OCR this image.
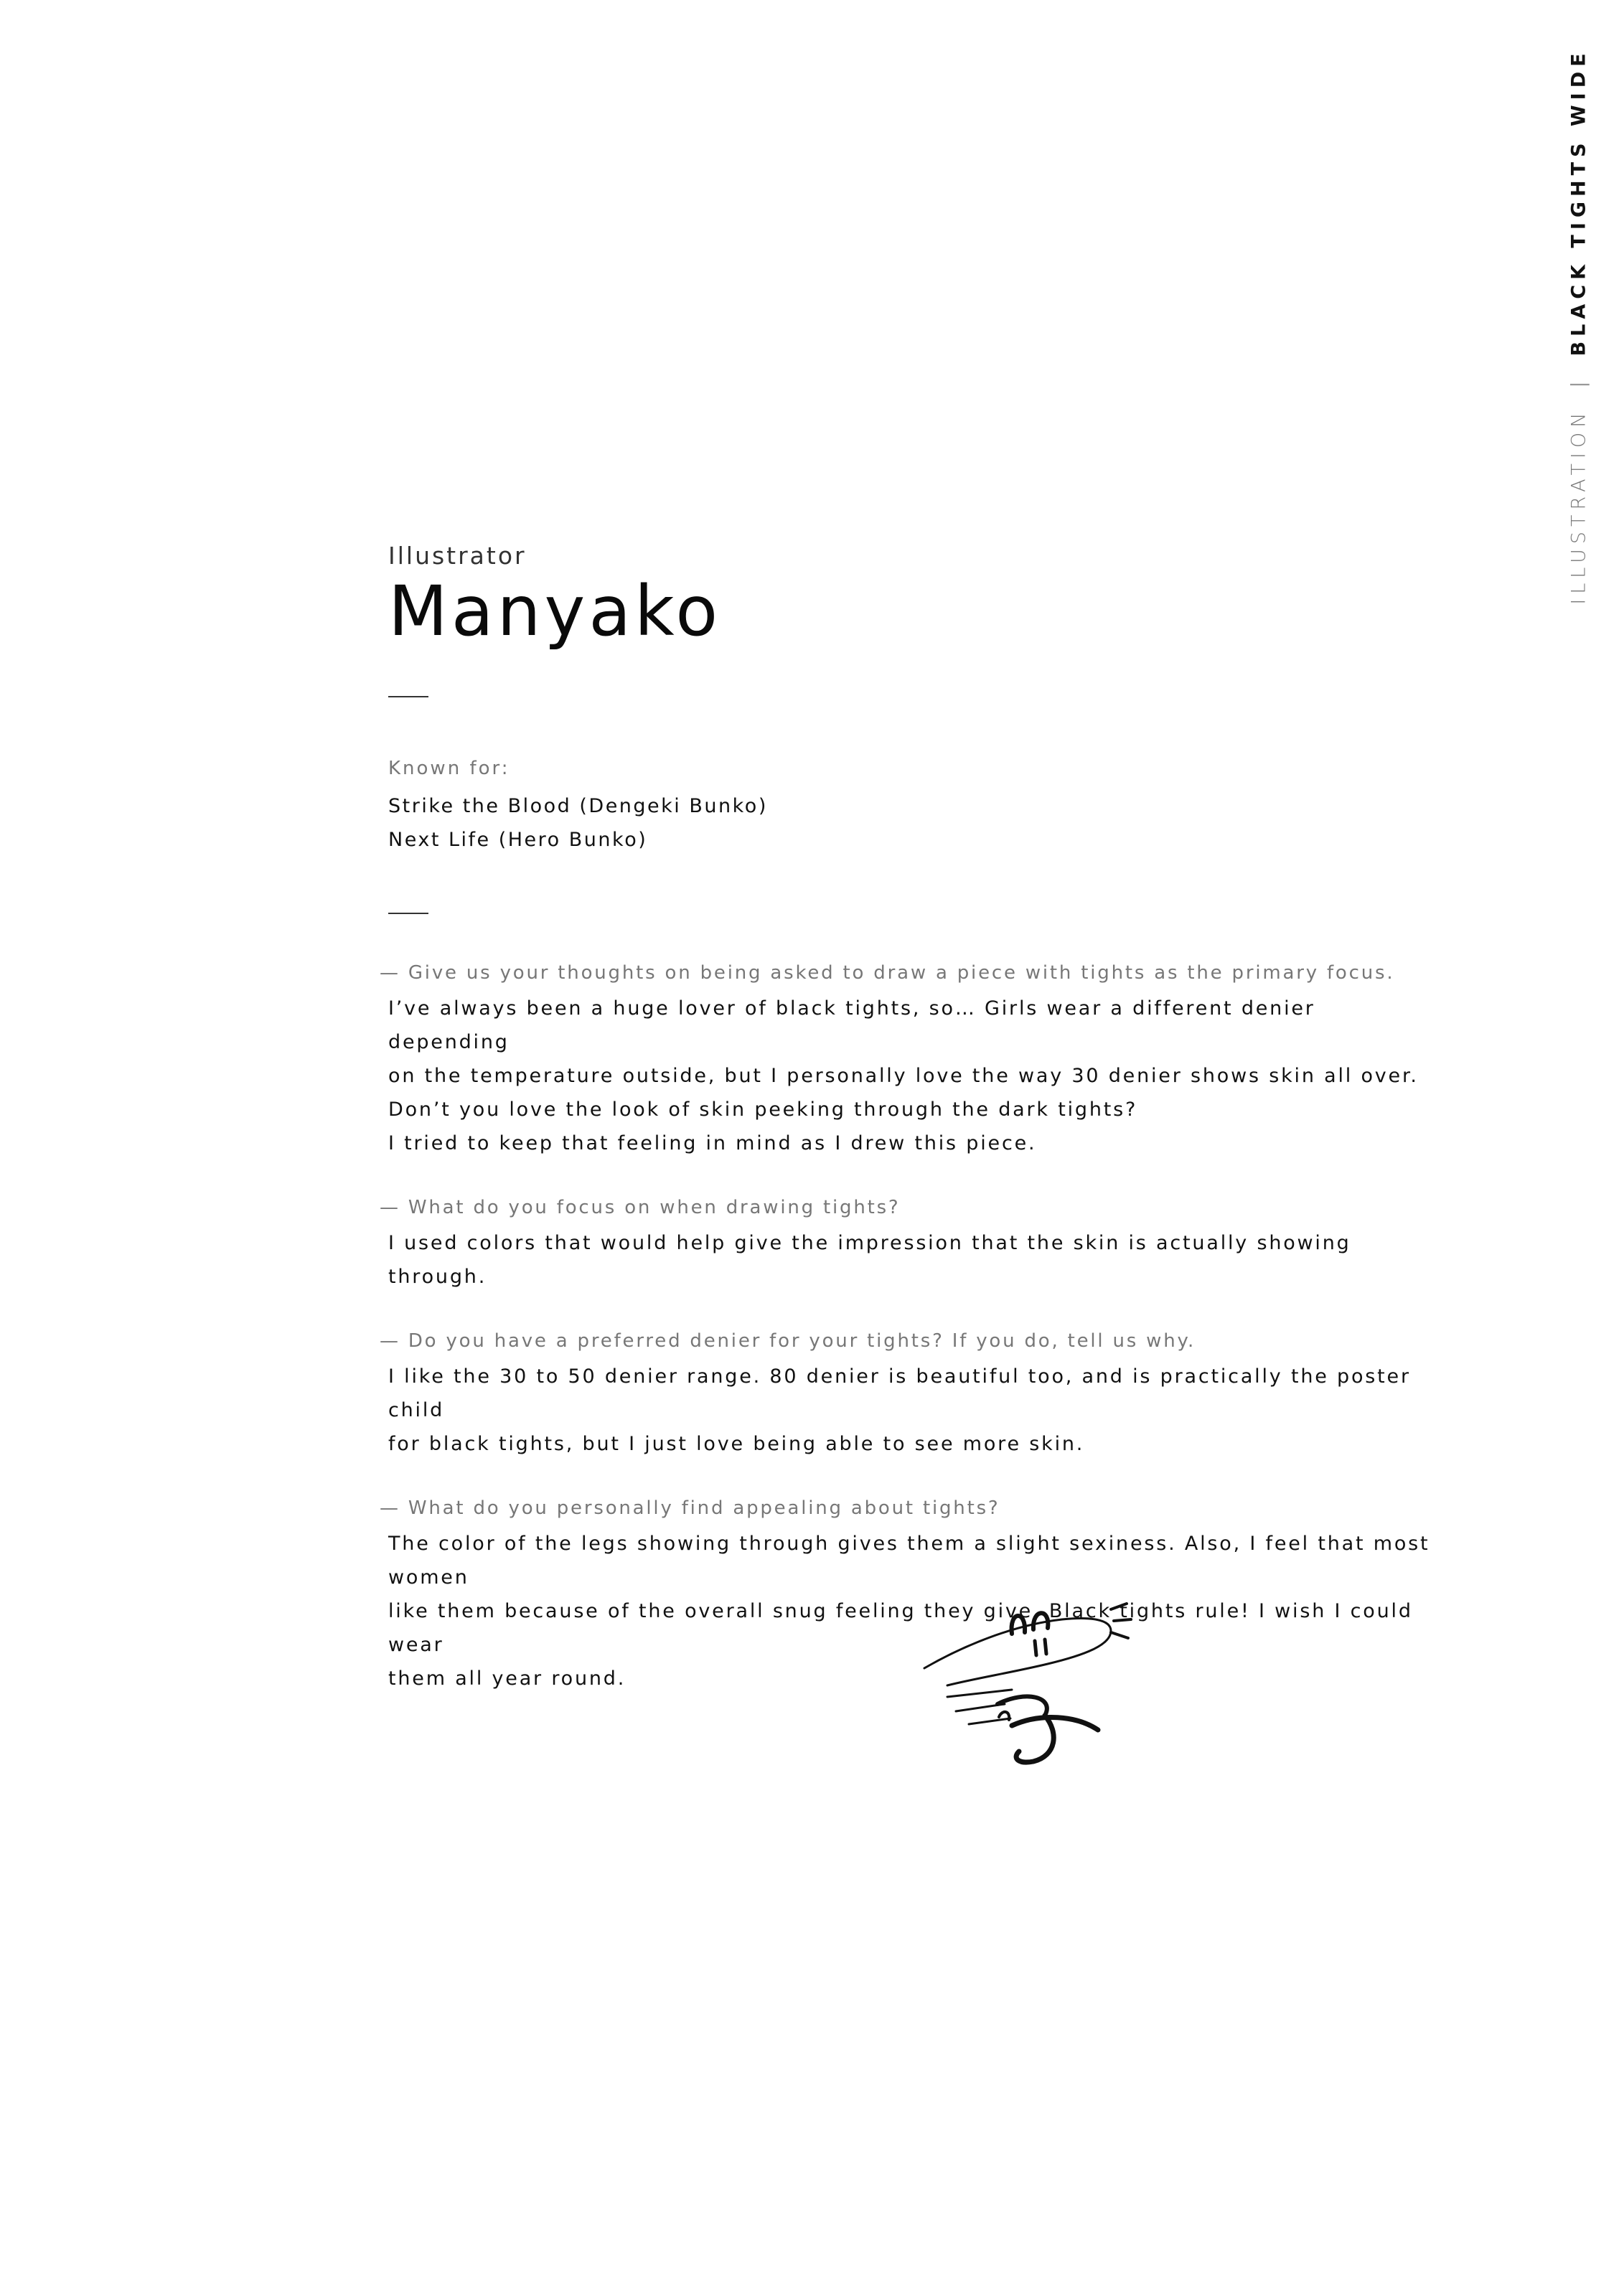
ILLUSTRATION|BLACK TIGHTS WIDE

Illustrator

Manyako
Known for:
Strike the Blood (Dengeki Bunko)
Next Life (Hero Bunko)

— Give us your thoughts on being asked to draw a piece with tights as the primary focus.

I’ve always been a huge lover of black tights, so… Girls wear a different denier depending

on the temperature outside, but I personally love the way 30 denier shows skin all over.

Don’t you love the look of skin peeking through the dark tights?

I tried to keep that feeling in mind as I drew this piece.

— What do you focus on when drawing tights?

I used colors that would help give the impression that the skin is actually showing through.

— Do you have a preferred denier for your tights? If you do, tell us why.

I like the 30 to 50 denier range. 80 denier is beautiful too, and is practically the poster child

for black tights, but I just love being able to see more skin.

— What do you personally find appealing about tights?

The color of the legs showing through gives them a slight sexiness. Also, I feel that most women

like them because of the overall snug feeling they give. Black tights rule! I wish I could wear

them all year round.
